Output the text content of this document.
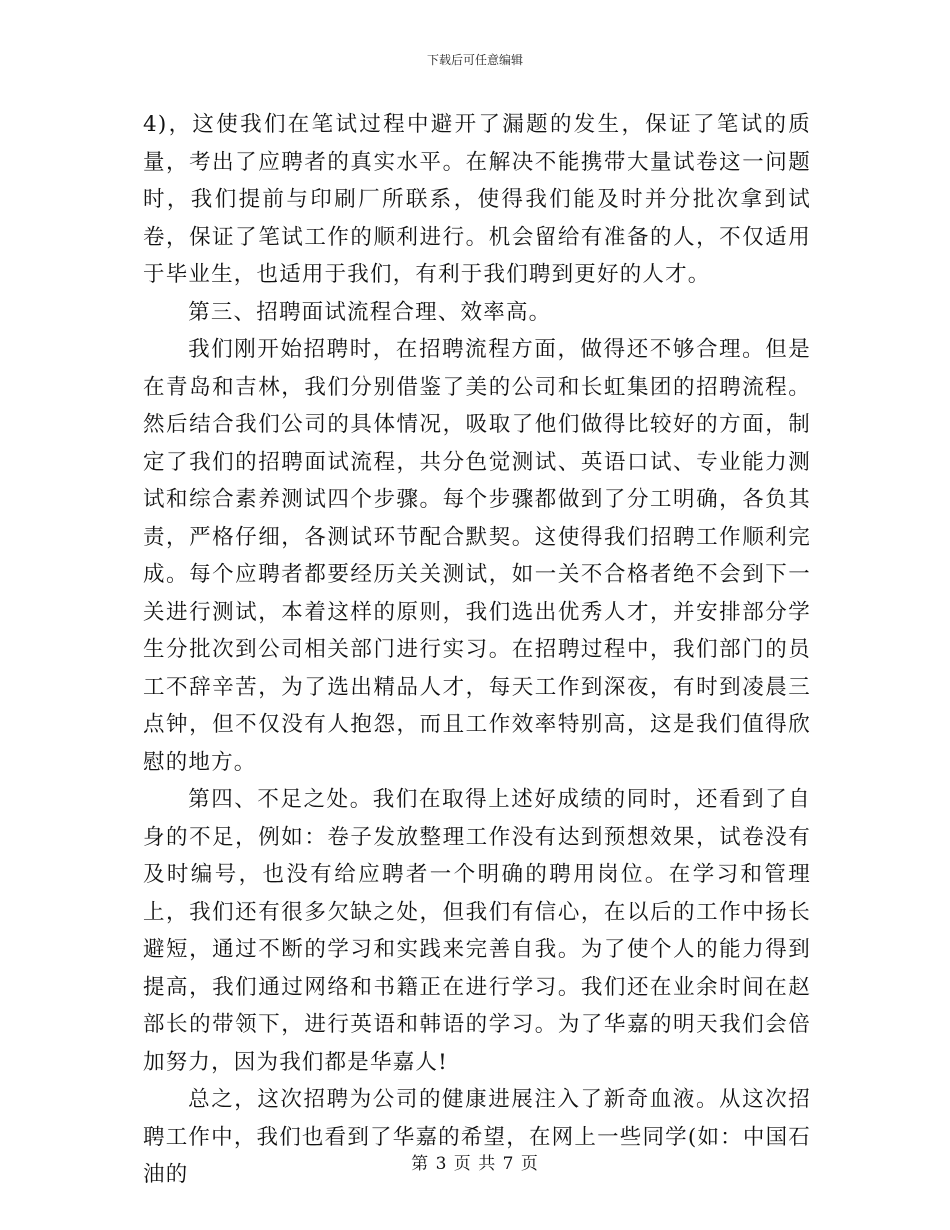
下载后可任意编辑

4)，这使我们在笔试过程中避开了漏题的发生，保证了笔试的质量，考出了应聘者的真实水平。在解决不能携带大量试卷这一问题时，我们提前与印刷厂所联系，使得我们能及时并分批次拿到试卷，保证了笔试工作的顺利进行。机会留给有准备的人，不仅适用于毕业生，也适用于我们，有利于我们聘到更好的人才。

第三、招聘面试流程合理、效率高。

我们刚开始招聘时，在招聘流程方面，做得还不够合理。但是在青岛和吉林，我们分别借鉴了美的公司和长虹集团的招聘流程。然后结合我们公司的具体情况，吸取了他们做得比较好的方面，制定了我们的招聘面试流程，共分色觉测试、英语口试、专业能力测试和综合素养测试四个步骤。每个步骤都做到了分工明确，各负其责，严格仔细，各测试环节配合默契。这使得我们招聘工作顺利完成。每个应聘者都要经历关关测试，如一关不合格者绝不会到下一关进行测试，本着这样的原则，我们选出优秀人才，并安排部分学生分批次到公司相关部门进行实习。在招聘过程中，我们部门的员工不辞辛苦，为了选出精品人才，每天工作到深夜，有时到凌晨三点钟，但不仅没有人抱怨，而且工作效率特别高，这是我们值得欣慰的地方。

第四、不足之处。我们在取得上述好成绩的同时，还看到了自身的不足，例如：卷子发放整理工作没有达到预想效果，试卷没有及时编号，也没有给应聘者一个明确的聘用岗位。在学习和管理上，我们还有很多欠缺之处，但我们有信心，在以后的工作中扬长避短，通过不断的学习和实践来完善自我。为了使个人的能力得到提高，我们通过网络和书籍正在进行学习。我们还在业余时间在赵部长的带领下，进行英语和韩语的学习。为了华嘉的明天我们会倍加努力，因为我们都是华嘉人!

总之，这次招聘为公司的健康进展注入了新奇血液。从这次招聘工作中，我们也看到了华嘉的希望，在网上一些同学(如：中国石油的	第 3 页 共 7 页
